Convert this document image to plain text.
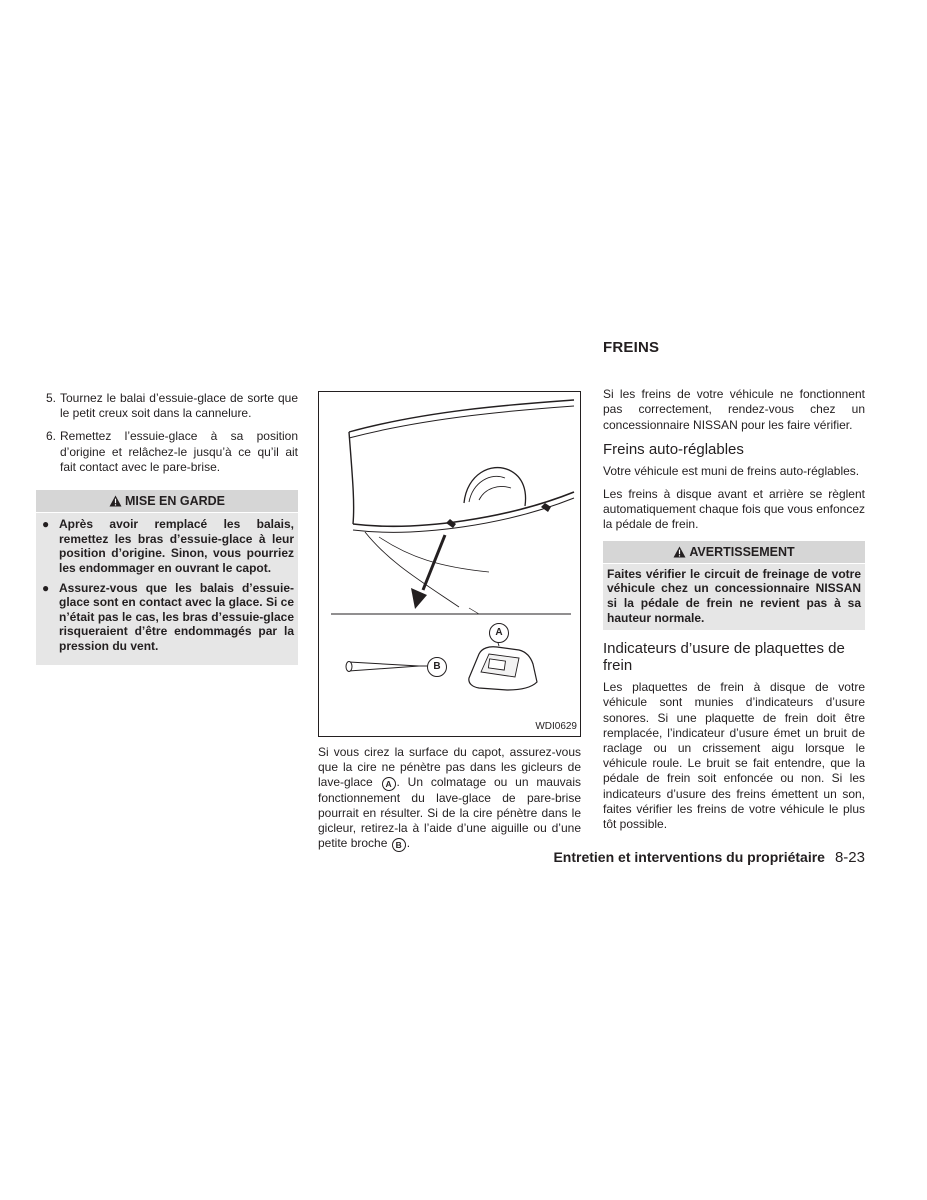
5. Tournez le balai d’essuie-glace de sorte que le petit creux soit dans la cannelure.
6. Remettez l’essuie-glace à sa position d’origine et relâchez-le jusqu’à ce qu’il ait fait contact avec le pare-brise.
MISE EN GARDE
● Après avoir remplacé les balais, remettez les bras d’essuie-glace à leur position d’origine. Sinon, vous pourriez les endommager en ouvrant le capot.
● Assurez-vous que les balais d’essuie-glace sont en contact avec la glace. Si ce n’était pas le cas, les bras d’essuie-glace risqueraient d’être endommagés par la pression du vent.
A
B
WDI0629
Si vous cirez la surface du capot, assurez-vous que la cire ne pénètre pas dans les gicleurs de lave-glace A . Un colmatage ou un mauvais fonctionnement du lave-glace de pare-brise pourrait en résulter. Si de la cire pénètre dans le gicleur, retirez-la à l’aide d’une aiguille ou d’une petite broche B .
FREINS
Si les freins de votre véhicule ne fonctionnent pas correctement, rendez-vous chez un concessionnaire NISSAN pour les faire vérifier.
Freins auto-réglables
Votre véhicule est muni de freins auto-réglables.
Les freins à disque avant et arrière se règlent automatiquement chaque fois que vous enfoncez la pédale de frein.
AVERTISSEMENT
Faites vérifier le circuit de freinage de votre véhicule chez un concessionnaire NISSAN si la pédale de frein ne revient pas à sa hauteur normale.
Indicateurs d’usure de plaquettes de frein
Les plaquettes de frein à disque de votre véhicule sont munies d’indicateurs d’usure sonores. Si une plaquette de frein doit être remplacée, l’indicateur d’usure émet un bruit de raclage ou un crissement aigu lorsque le véhicule roule. Le bruit se fait entendre, que la pédale de frein soit enfoncée ou non. Si les indicateurs d’usure des freins émettent un son, faites vérifier les freins de votre véhicule le plus tôt possible.
Entretien et interventions du propriétaire 8-23
